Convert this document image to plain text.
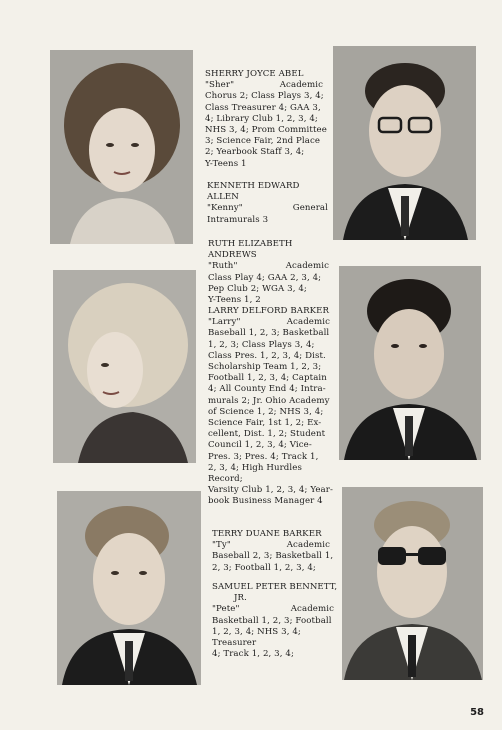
SHERRY JOYCE ABEL
"Sher"	Academic
Chorus 2; Class Plays 3, 4;
Class Treasurer 4; GAA 3,
4; Library Club 1, 2, 3, 4;
NHS 3, 4; Prom Committee
3; Science Fair, 2nd Place
2; Yearbook Staff 3, 4;
Y-Teens 1
KENNETH EDWARD ALLEN
"Kenny"	General
Intramurals 3
RUTH ELIZABETH ANDREWS
"Ruth"	Academic
Class Play 4; GAA 2, 3, 4;
Pep Club 2; WGA 3, 4;
Y-Teens 1, 2
LARRY DELFORD BARKER
"Larry"	Academic
Baseball 1, 2, 3; Basketball
1, 2, 3; Class Plays 3, 4;
Class Pres. 1, 2, 3, 4; Dist.
Scholarship Team 1, 2, 3;
Football 1, 2, 3, 4; Captain
4; All County End 4; Intra-
murals 2; Jr. Ohio Academy
of Science 1, 2; NHS 3, 4;
Science Fair, 1st 1, 2; Ex-
cellent, Dist. 1, 2; Student
Council 1, 2, 3, 4; Vice-
Pres. 3; Pres. 4; Track 1,
2, 3, 4; High Hurdles Record;
Varsity Club 1, 2, 3, 4; Year-
book Business Manager 4
TERRY DUANE BARKER
"Ty"	Academic
Baseball 2, 3; Basketball 1,
2, 3; Football 1, 2, 3, 4;
SAMUEL PETER BENNETT,
JR.
"Pete"	Academic
Basketball 1, 2, 3; Football
1, 2, 3, 4; NHS 3, 4; Treasurer
4; Track 1, 2, 3, 4;
58
